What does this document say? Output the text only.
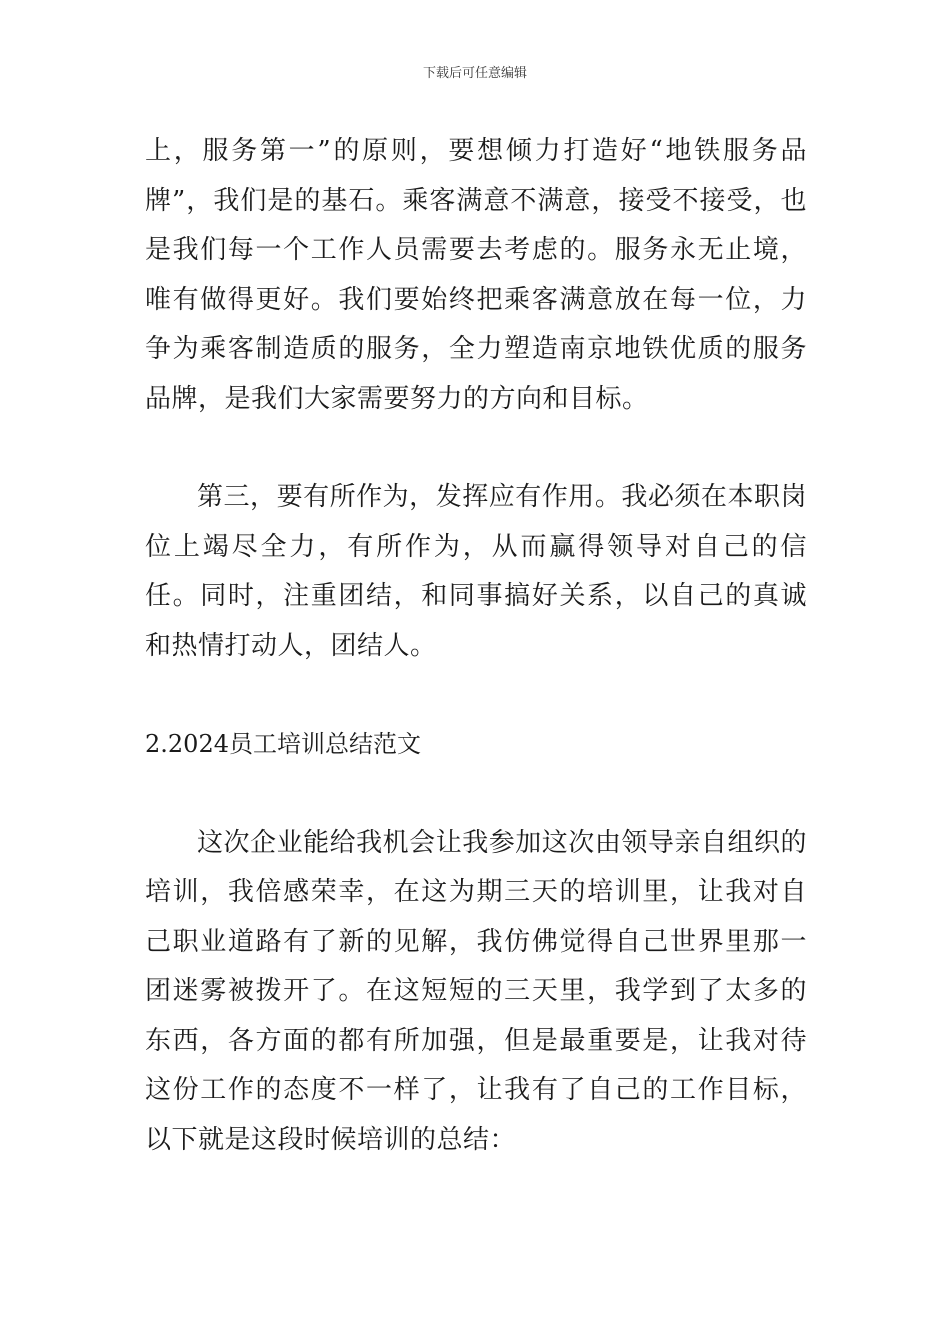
下载后可任意编辑

上，服务第一”的原则，要想倾力打造好“地铁服务品牌”，我们是的基石。乘客满意不满意，接受不接受，也是我们每一个工作人员需要去考虑的。服务永无止境，唯有做得更好。我们要始终把乘客满意放在每一位，力争为乘客制造质的服务，全力塑造南京地铁优质的服务品牌，是我们大家需要努力的方向和目标。

第三，要有所作为，发挥应有作用。我必须在本职岗位上竭尽全力，有所作为，从而赢得领导对自己的信任。同时，注重团结，和同事搞好关系，以自己的真诚和热情打动人，团结人。

2.2024员工培训总结范文

这次企业能给我机会让我参加这次由领导亲自组织的培训，我倍感荣幸，在这为期三天的培训里，让我对自己职业道路有了新的见解，我仿佛觉得自己世界里那一团迷雾被拨开了。在这短短的三天里，我学到了太多的东西，各方面的都有所加强，但是最重要是，让我对待这份工作的态度不一样了，让我有了自己的工作目标，以下就是这段时候培训的总结：
